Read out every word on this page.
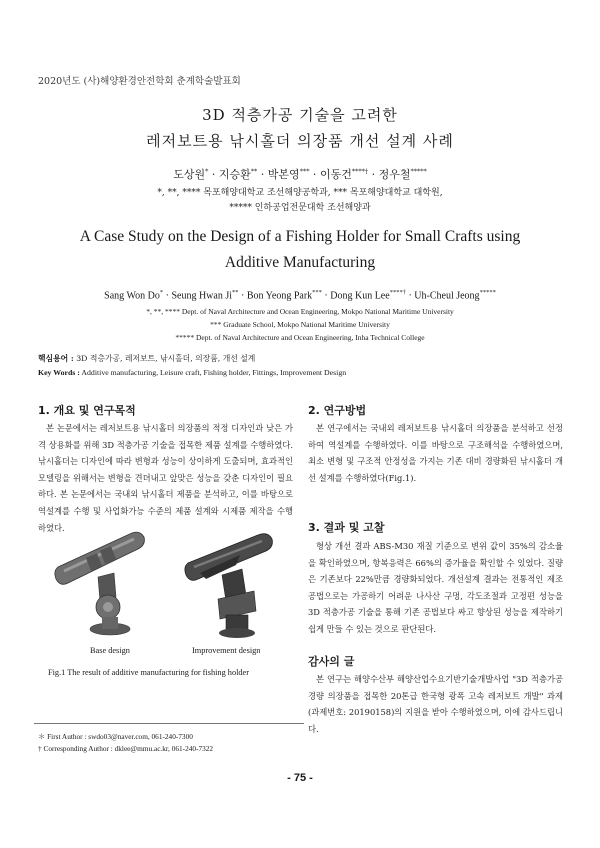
2020년도 (사)해양환경안전학회 춘계학술발표회
3D 적층가공 기술을 고려한
레저보트용 낚시홀더 의장품 개선 설계 사례
도상원* · 지승환** · 박본영*** · 이동건****† · 정우철*****
*, **, **** 목포해양대학교 조선해양공학과, *** 목포해양대학교 대학원,
***** 인하공업전문대학 조선해양과
A Case Study on the Design of a Fishing Holder for Small Crafts using
Additive Manufacturing
Sang Won Do* · Seung Hwan Ji** · Bon Yeong Park*** · Dong Kun Lee****† · Uh-Cheul Jeong*****
*, **, **** Dept. of Naval Architecture and Ocean Engineering, Mokpo National Maritime University
*** Graduate School, Mokpo National Maritime University
***** Dept. of Naval Architecture and Ocean Engineering, Inha Technical College
핵심용어 : 3D 적층가공, 레저보트, 낚시홀더, 의장품, 개선 설계
Key Words : Additive manufacturing, Leisure craft, Fishing holder, Fittings, Improvement Design
1. 개요 및 연구목적
본 논문에서는 레저보트용 낚시홀더 의장품의 적정 디자인과 낮은 가격 상용화를 위해 3D 적층가공 기술을 접목한 제품 설계를 수행하였다. 낚시홀더는 디자인에 따라 변형과 성능이 상이하게 도출되며, 효과적인 모델링을 위해서는 변형을 견뎌내고 앞맞은 성능을 갖춘 디자인이 필요하다. 본 논문에서는 국내외 낚시홀더 제품을 분석하고, 이를 바탕으로 역설계를 수행 및 사업화가능 수준의 제품 설계와 시제품 제작을 수행하였다.
Base design	Improvement design
Fig.1 The result of additive manufacturing for fishing holder
2. 연구방법
본 연구에서는 국내외 레저보트용 낚시홀더 의장품을 분석하고 선정하여 역설계를 수행하였다. 이를 바탕으로 구조해석을 수행하였으며, 최소 변형 및 구조적 안정성을 가지는 기존 대비 경량화된 낚시홀더 개선 설계를 수행하였다(Fig.1).
3. 결과 및 고찰
형상 개선 결과 ABS-M30 재질 기준으로 변위 값이 35%의 감소율을 확인하였으며, 항복응력은 66%의 증가율을 확인할 수 있었다. 질량은 기존보다 22%만큼 경량화되었다. 개선설계 결과는 전통적인 제조공법으로는 가공하기 어려운 나사산 구멍, 각도조절과 고정편 성능을 3D 적층가공 기술을 통해 기존 공법보다 싸고 향상된 성능을 제작하기 쉽게 만들 수 있는 것으로 판단된다.
감사의 글
본 연구는 해양수산부 해양산업수요기반기술개발사업 "3D 적층가공 경량 의장품을 접목한 20톤급 한국형 광폭 고속 레저보트 개발" 과제 (과제번호: 20190158)의 지원을 받아 수행하였으며, 이에 감사드립니다.
＊ First Author : swdo03@naver.com, 061-240-7300
† Corresponding Author : dklee@mmu.ac.kr, 061-240-7322
- 75 -
